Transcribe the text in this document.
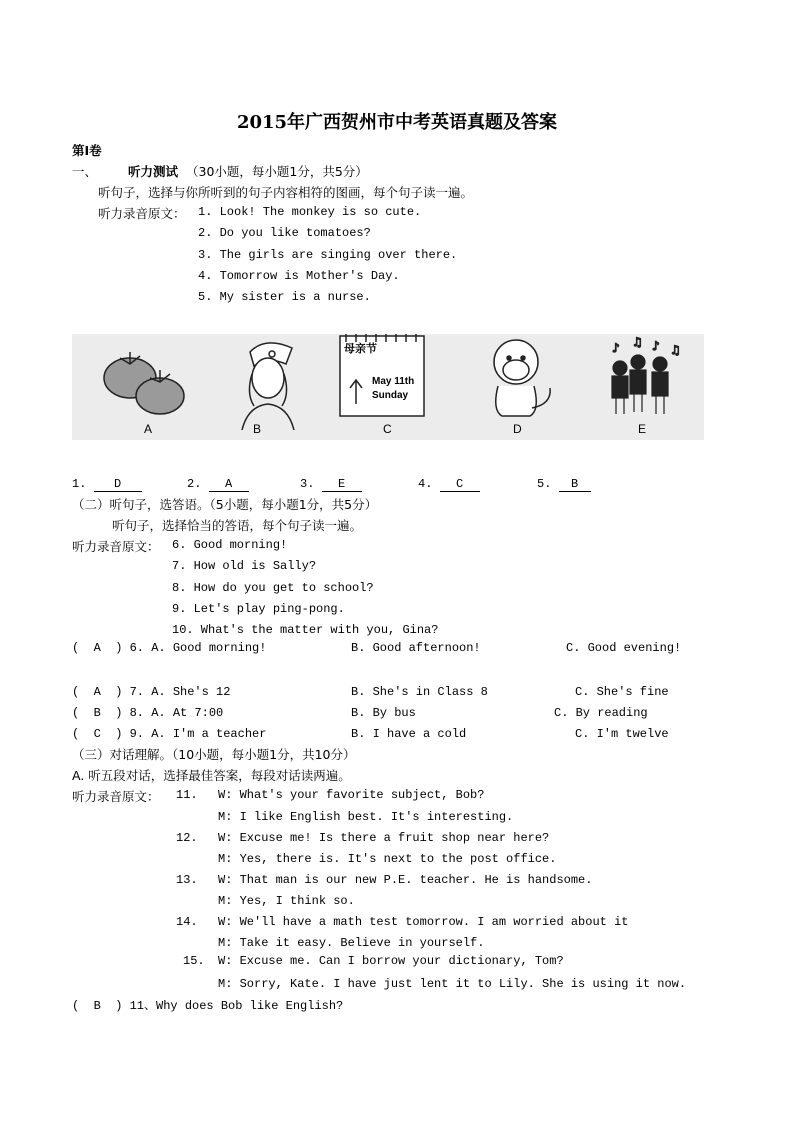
2015年广西贺州市中考英语真题及答案
第Ⅰ卷
一、 听力测试 （30小题，每小题1分，共5分）
听句子，选择与你所听到的句子内容相符的图画，每个句子读一遍。
听力录音原文： 1. Look! The monkey is so cute.
2. Do you like tomatoes?
3. The girls are singing over there.
4. Tomorrow is Mother's Day.
5. My sister is a nurse.
♪ ♫ ♪ ♫
母亲节
May 11th
Sunday
A	B	C	D	E
1. D	2. A	3. E	4. C	5. B
（二）听句子，选答语。（5小题，每小题1分，共5分）
听句子，选择恰当的答语，每个句子读一遍。
听力录音原文： 6. Good morning!
7. How old is Sally?
8. How do you get to school?
9. Let's play ping-pong.
10. What's the matter with you, Gina?
(  A  ) 6. A. Good morning!	B. Good afternoon!	C. Good evening!
(  A  ) 7. A. She's 12	B. She's in Class 8	C. She's fine
(  B  ) 8. A. At 7:00	B. By bus	C. By reading
(  C  ) 9. A. I'm a teacher	B. I have a cold	C. I'm twelve
（三）对话理解。（10小题，每小题1分，共10分）
A. 听五段对话，选择最佳答案，每段对话读两遍。
听力录音原文： 11. W: What's your favorite subject, Bob?
M: I like English best. It's interesting.
12. W: Excuse me! Is there a fruit shop near here?
M: Yes, there is. It's next to the post office.
13. W: That man is our new P.E. teacher. He is handsome.
M: Yes, I think so.
14. W: We'll have a math test tomorrow. I am worried about it
M: Take it easy. Believe in yourself.
15. W: Excuse me. Can I borrow your dictionary, Tom?
M: Sorry, Kate. I have just lent it to Lily. She is using it now.
(  B  ) 11、Why does Bob like English?
